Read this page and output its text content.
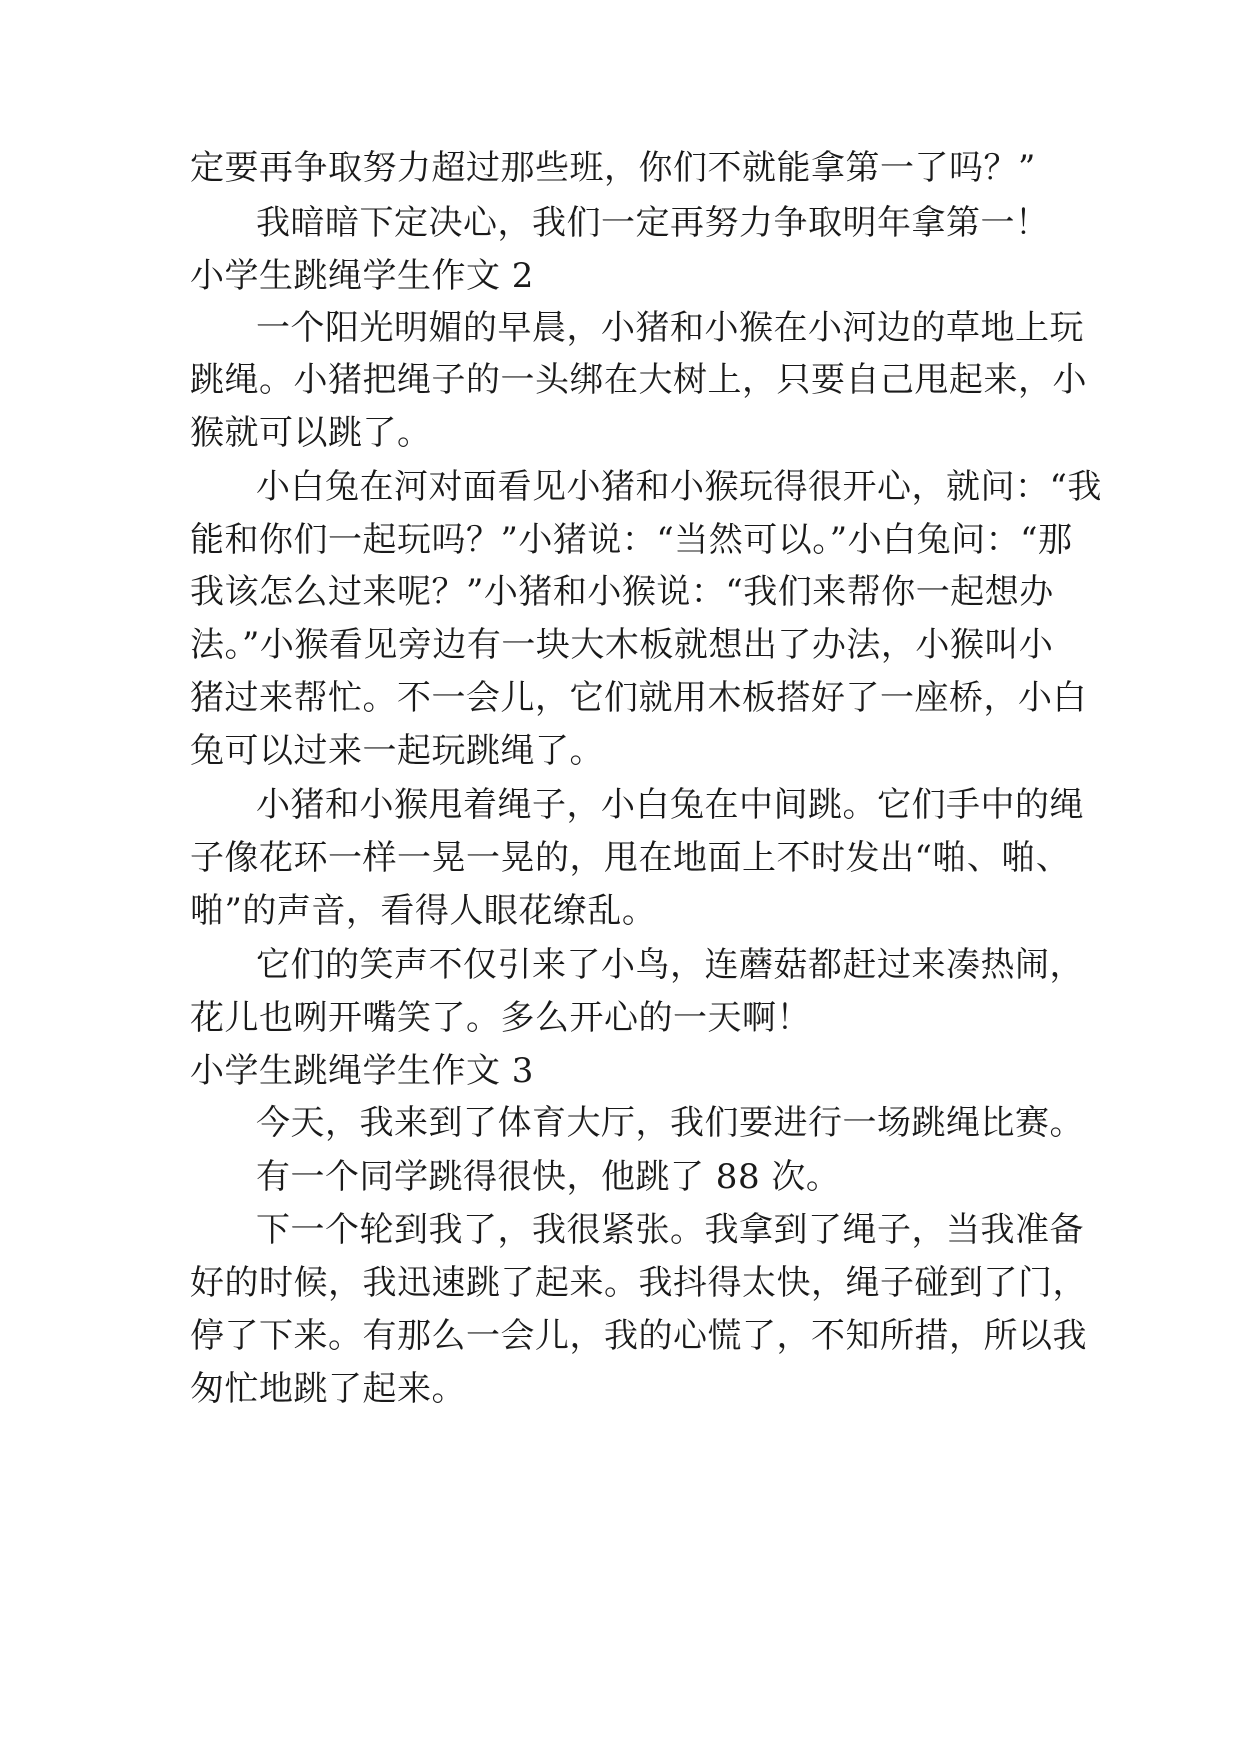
定要再争取努力超过那些班，你们不就能拿第一了吗？”
我暗暗下定决心，我们一定再努力争取明年拿第一！
小学生跳绳学生作文 2
一个阳光明媚的早晨，小猪和小猴在小河边的草地上玩
跳绳。小猪把绳子的一头绑在大树上，只要自己甩起来，小
猴就可以跳了。
小白兔在河对面看见小猪和小猴玩得很开心，就问：“我
能和你们一起玩吗？”小猪说：“当然可以。”小白兔问：“那
我该怎么过来呢？”小猪和小猴说：“我们来帮你一起想办
法。”小猴看见旁边有一块大木板就想出了办法，小猴叫小
猪过来帮忙。不一会儿，它们就用木板搭好了一座桥，小白
兔可以过来一起玩跳绳了。
小猪和小猴甩着绳子，小白兔在中间跳。它们手中的绳
子像花环一样一晃一晃的，甩在地面上不时发出“啪、啪、
啪”的声音，看得人眼花缭乱。
它们的笑声不仅引来了小鸟，连蘑菇都赶过来凑热闹，
花儿也咧开嘴笑了。多么开心的一天啊！
小学生跳绳学生作文 3
今天，我来到了体育大厅，我们要进行一场跳绳比赛。
有一个同学跳得很快，他跳了 88 次。
下一个轮到我了，我很紧张。我拿到了绳子，当我准备
好的时候，我迅速跳了起来。我抖得太快，绳子碰到了门，
停了下来。有那么一会儿，我的心慌了，不知所措，所以我
匆忙地跳了起来。
